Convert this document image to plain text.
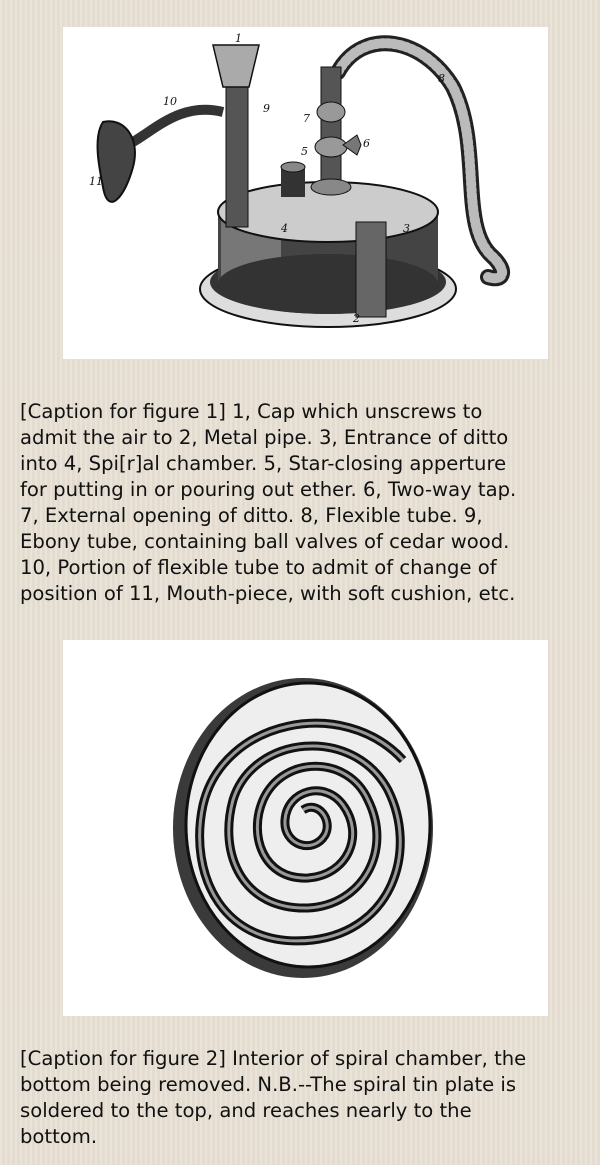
2
3
4
5
6
7
8
9
10
11
1

[Caption for figure 1] 1, Cap which unscrews to
admit the air to 2, Metal pipe. 3, Entrance of ditto
into 4, Spi[r]al chamber. 5, Star-closing apperture
for putting in or pouring out ether. 6, Two-way tap.
7, External opening of ditto. 8, Flexible tube. 9,
Ebony tube, containing ball valves of cedar wood.
10, Portion of flexible tube to admit of change of
position of 11, Mouth-piece, with soft cushion, etc.

[Caption for figure 2] Interior of spiral chamber, the
bottom being removed. N.B.--The spiral tin plate is
soldered to the top, and reaches nearly to the
bottom.
